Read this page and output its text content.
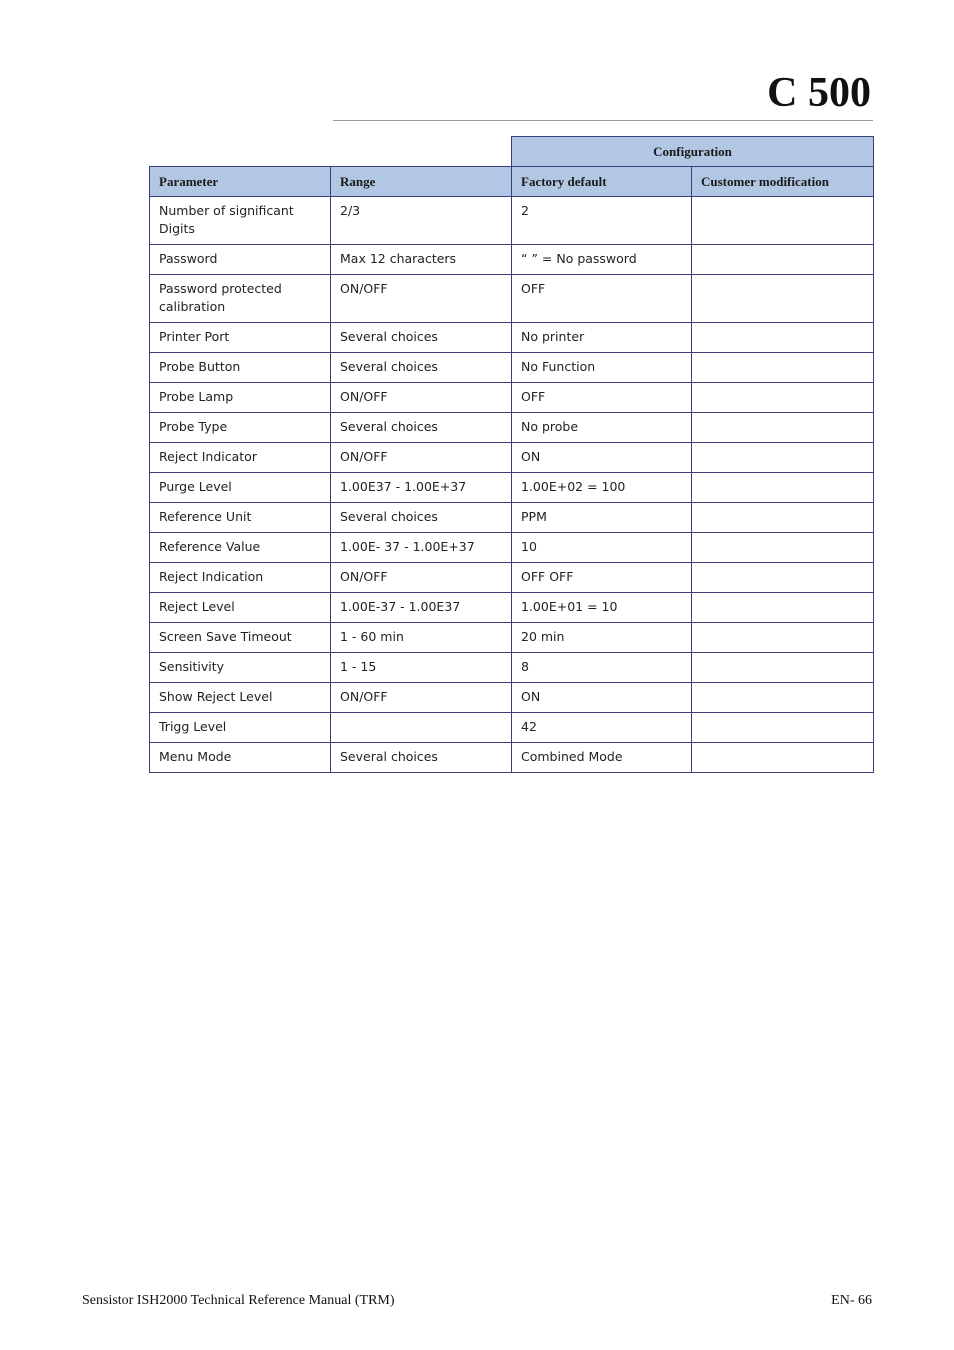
C 500
		Configuration	
Parameter	Range	Factory default	Customer modification
Number of significant Digits	2/3	2	
Password	Max 12 characters	“ ” = No password	
Password protected calibration	ON/OFF	OFF	
Printer Port	Several choices	No printer	
Probe Button	Several choices	No Function	
Probe Lamp	ON/OFF	OFF	
Probe Type	Several choices	No probe	
Reject Indicator	ON/OFF	ON	
Purge Level	1.00E37 - 1.00E+37	1.00E+02 = 100	
Reference Unit	Several choices	PPM	
Reference Value	1.00E- 37 - 1.00E+37	10	
Reject Indication	ON/OFF	OFF OFF	
Reject Level	1.00E-37 - 1.00E37	1.00E+01 = 10	
Screen Save Timeout	1 - 60 min	20 min	
Sensitivity	1 - 15	8	
Show Reject Level	ON/OFF	ON	
Trigg Level		42	
Menu Mode	Several choices	Combined Mode	
Sensistor ISH2000 Technical Reference Manual (TRM)	EN- 66
